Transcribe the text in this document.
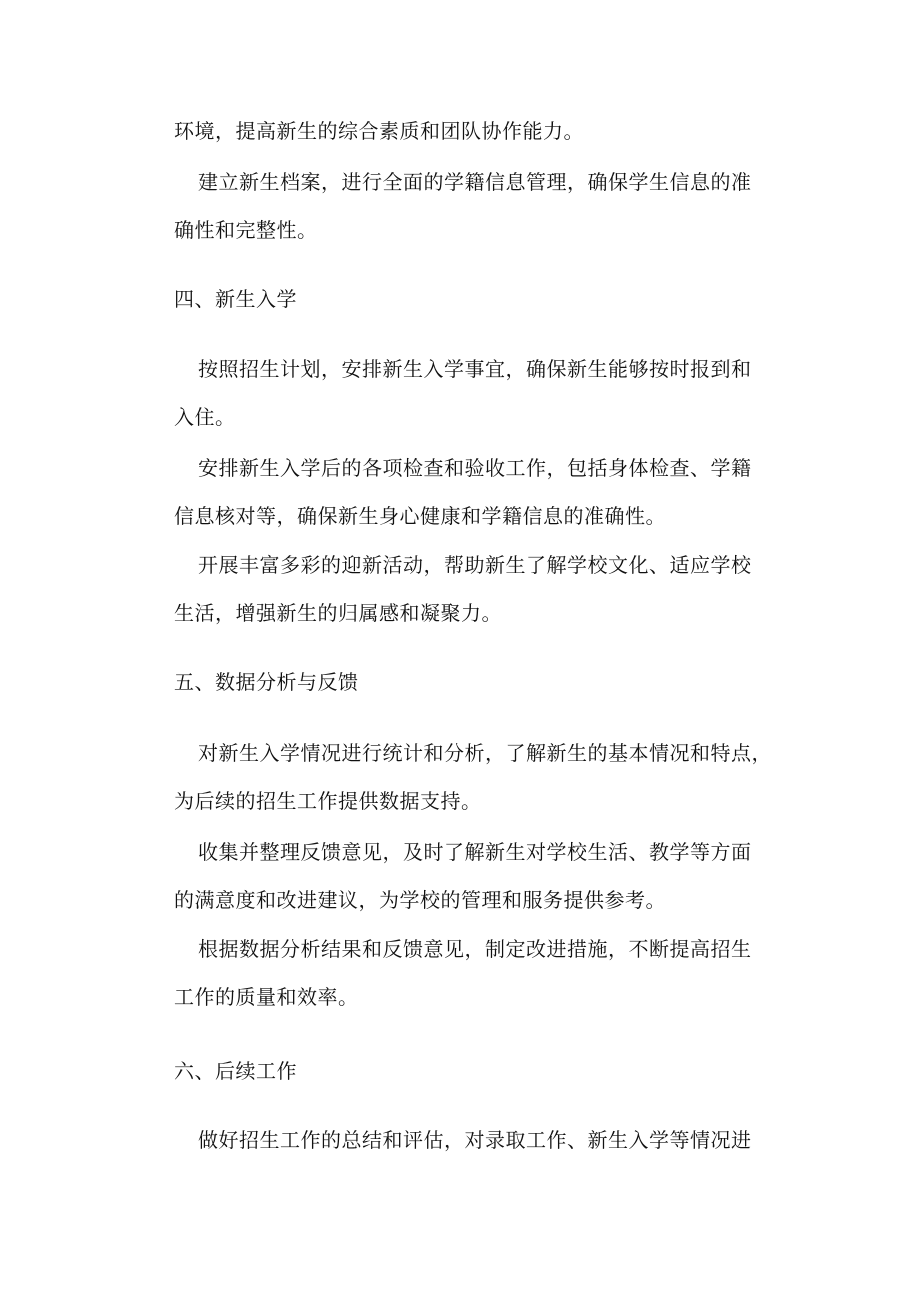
环境，提高新生的综合素质和团队协作能力。
建立新生档案，进行全面的学籍信息管理，确保学生信息的准
确性和完整性。
四、新生入学
按照招生计划，安排新生入学事宜，确保新生能够按时报到和
入住。
安排新生入学后的各项检查和验收工作，包括身体检查、学籍
信息核对等，确保新生身心健康和学籍信息的准确性。
开展丰富多彩的迎新活动，帮助新生了解学校文化、适应学校
生活，增强新生的归属感和凝聚力。
五、数据分析与反馈
对新生入学情况进行统计和分析，了解新生的基本情况和特点，
为后续的招生工作提供数据支持。
收集并整理反馈意见，及时了解新生对学校生活、教学等方面
的满意度和改进建议，为学校的管理和服务提供参考。
根据数据分析结果和反馈意见，制定改进措施，不断提高招生
工作的质量和效率。
六、后续工作
做好招生工作的总结和评估，对录取工作、新生入学等情况进
